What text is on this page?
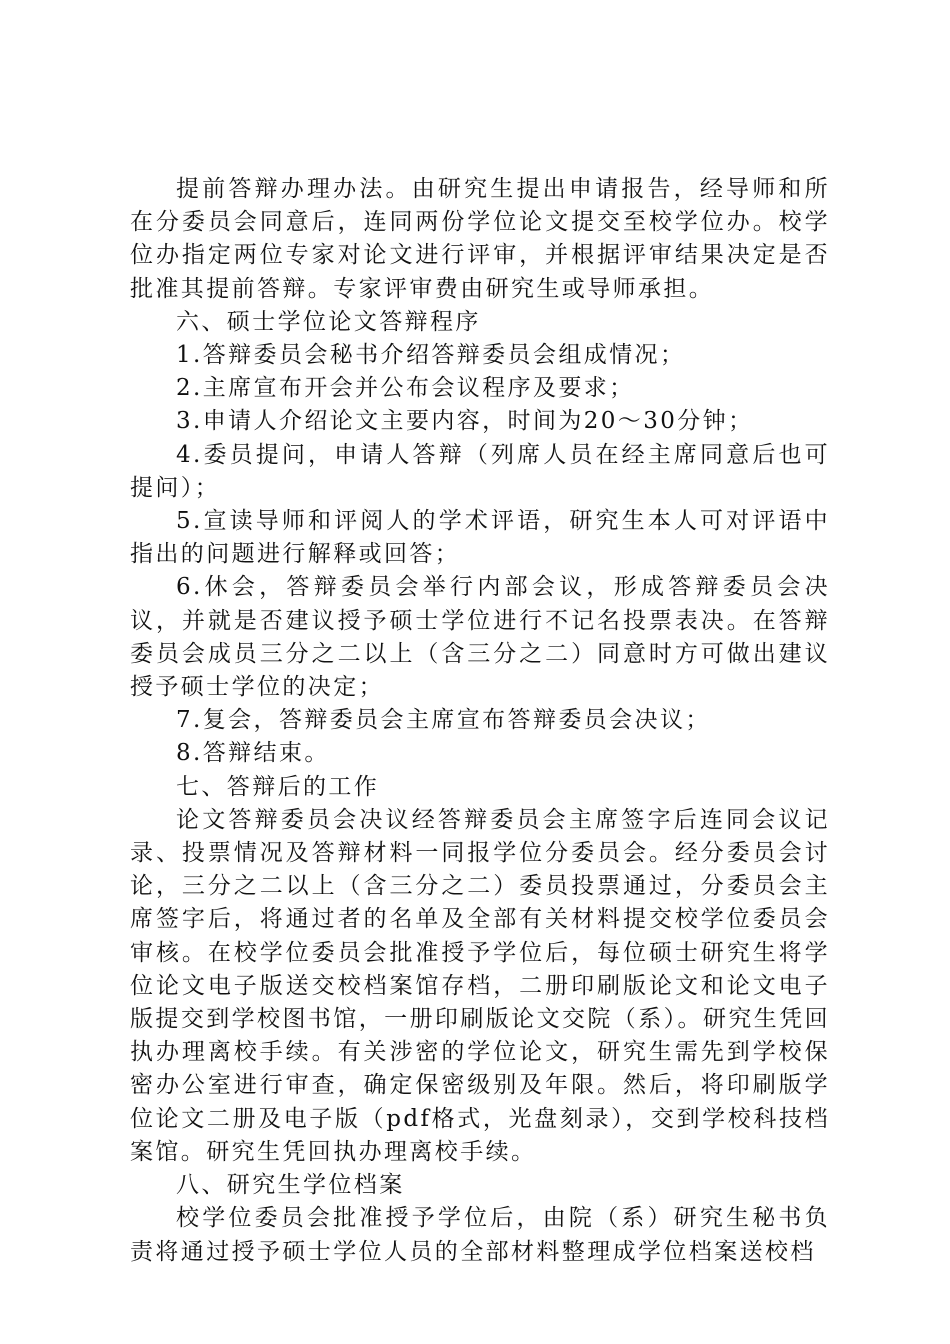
提前答辩办理办法。由研究生提出申请报告，经导师和所在分委员会同意后，连同两份学位论文提交至校学位办。校学位办指定两位专家对论文进行评审，并根据评审结果决定是否批准其提前答辩。专家评审费由研究生或导师承担。

六、硕士学位论文答辩程序

1.答辩委员会秘书介绍答辩委员会组成情况；

2.主席宣布开会并公布会议程序及要求；

3.申请人介绍论文主要内容，时间为20～30分钟；

4.委员提问，申请人答辩（列席人员在经主席同意后也可提问）；

5.宣读导师和评阅人的学术评语，研究生本人可对评语中指出的问题进行解释或回答；

6.休会，答辩委员会举行内部会议，形成答辩委员会决议，并就是否建议授予硕士学位进行不记名投票表决。在答辩委员会成员三分之二以上（含三分之二）同意时方可做出建议授予硕士学位的决定；

7.复会，答辩委员会主席宣布答辩委员会决议；

8.答辩结束。

七、答辩后的工作

论文答辩委员会决议经答辩委员会主席签字后连同会议记录、投票情况及答辩材料一同报学位分委员会。经分委员会讨论，三分之二以上（含三分之二）委员投票通过，分委员会主席签字后，将通过者的名单及全部有关材料提交校学位委员会审核。在校学位委员会批准授予学位后，每位硕士研究生将学位论文电子版送交校档案馆存档，二册印刷版论文和论文电子版提交到学校图书馆，一册印刷版论文交院（系）。研究生凭回执办理离校手续。有关涉密的学位论文，研究生需先到学校保密办公室进行审查，确定保密级别及年限。然后，将印刷版学位论文二册及电子版（pdf格式，光盘刻录），交到学校科技档案馆。研究生凭回执办理离校手续。

八、研究生学位档案

校学位委员会批准授予学位后，由院（系）研究生秘书负责将通过授予硕士学位人员的全部材料整理成学位档案送校档
